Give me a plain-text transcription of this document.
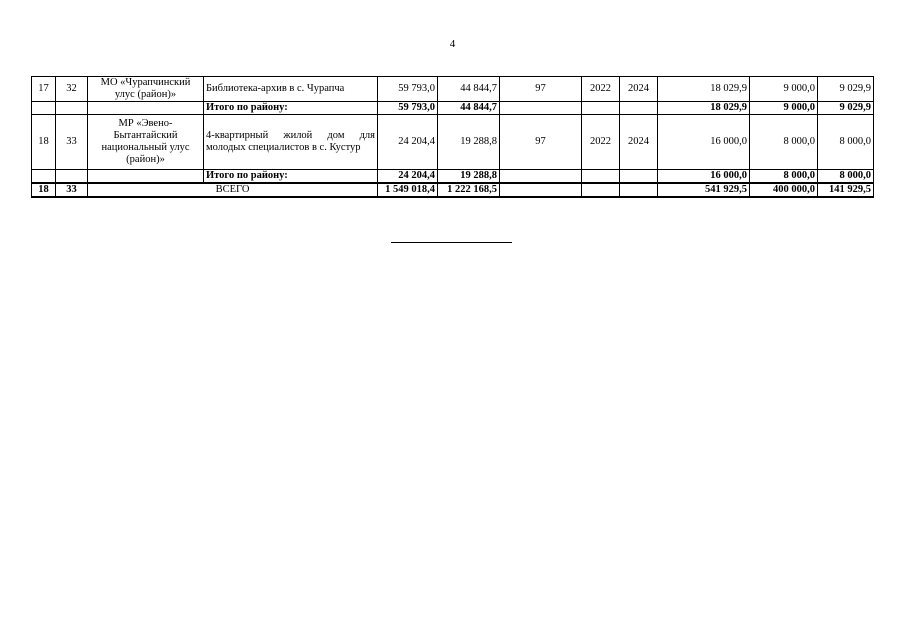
4
17	32	МО «Чурапчинский улус (район)»	Библиотека-архив в с. Чурапча	59 793,0	44 844,7	97	2022	2024	18 029,9	9 000,0	9 029,9
			Итого по району:	59 793,0	44 844,7				18 029,9	9 000,0	9 029,9
18	33	МР «Эвено-Бытантайский национальный улус (район)»	4-квартирный жилой дом для молодых специалистов в с. Кустур	24 204,4	19 288,8	97	2022	2024	16 000,0	8 000,0	8 000,0
			Итого по району:	24 204,4	19 288,8				16 000,0	8 000,0	8 000,0
18	33	ВСЕГО		1 549 018,4	1 222 168,5				541 929,5	400 000,0	141 929,5
